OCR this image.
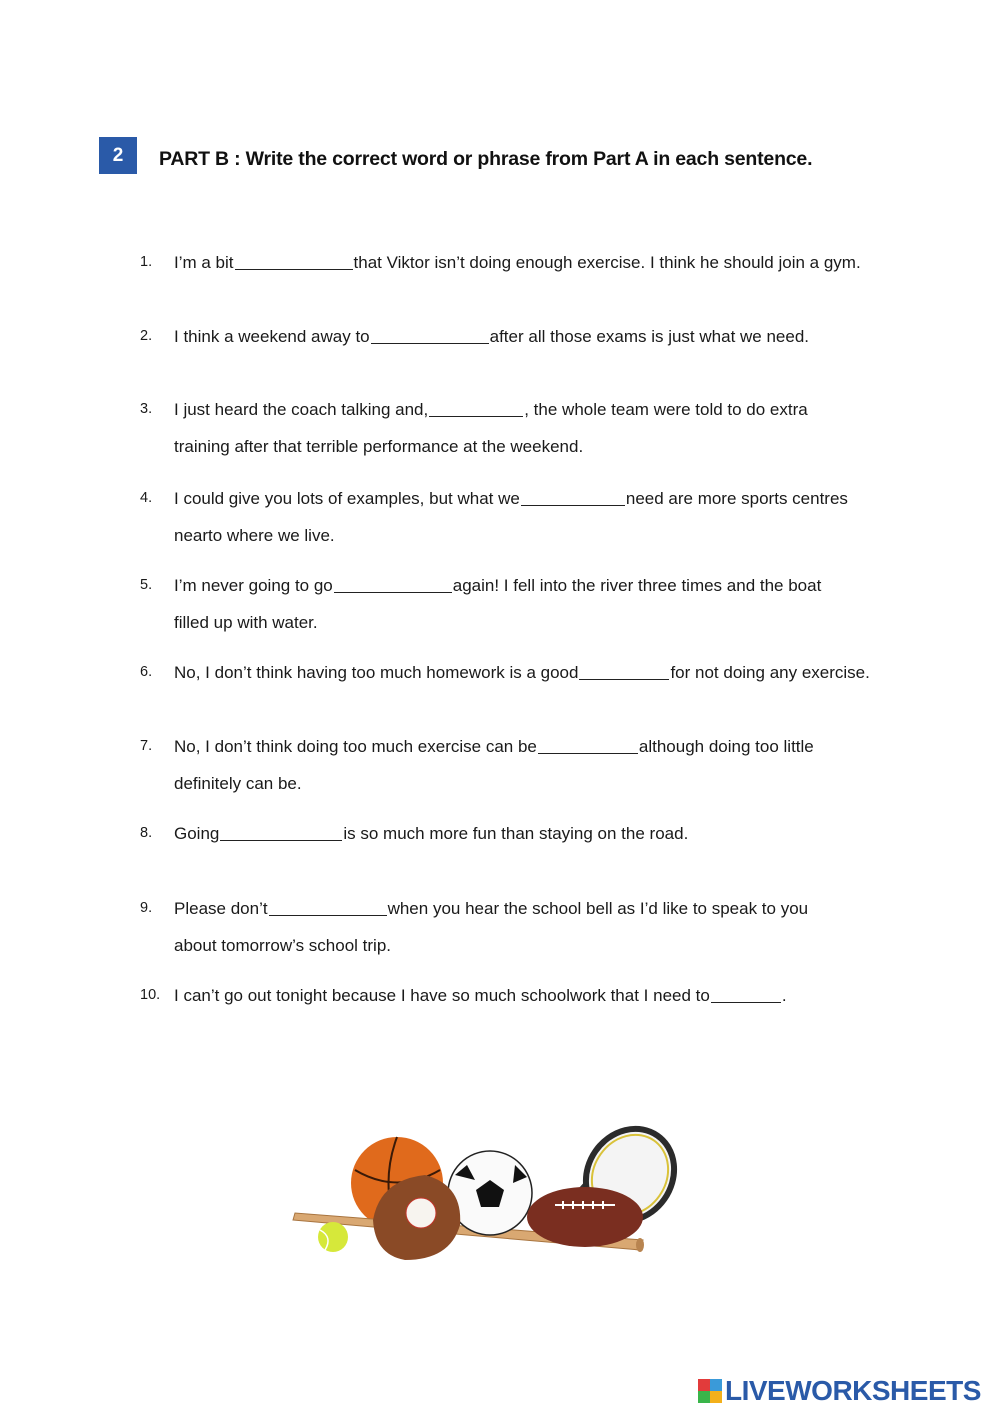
2	PART B : Write the correct word or phrase from Part A in each sentence.
1.	I’m a bit	that Viktor isn’t doing enough exercise. I think he should join a gym.
2.	I think a weekend away to	after all those exams is just what we need.
3.	I just heard the coach talking and,	, the whole team were told to do extra
training after that terrible performance at the weekend.
4.	I could give you lots of examples, but what we	need are more sports centres
nearto where we live.
5.	I’m never going to go	again! I fell into the river three times and the boat
filled up with water.
6.	No, I don’t think having too much homework is a good	for not doing any exercise.
7.	No, I don’t think doing too much exercise can be	although doing too little
definitely can be.
8.	Going	is so much more fun than staying on the road.
9.	Please don’t	when you hear the school bell as I’d like to speak to you
about tomorrow’s school trip.
10. I can’t go out tonight because I have so much schoolwork that I need to	.
LIVEWORKSHEETS
